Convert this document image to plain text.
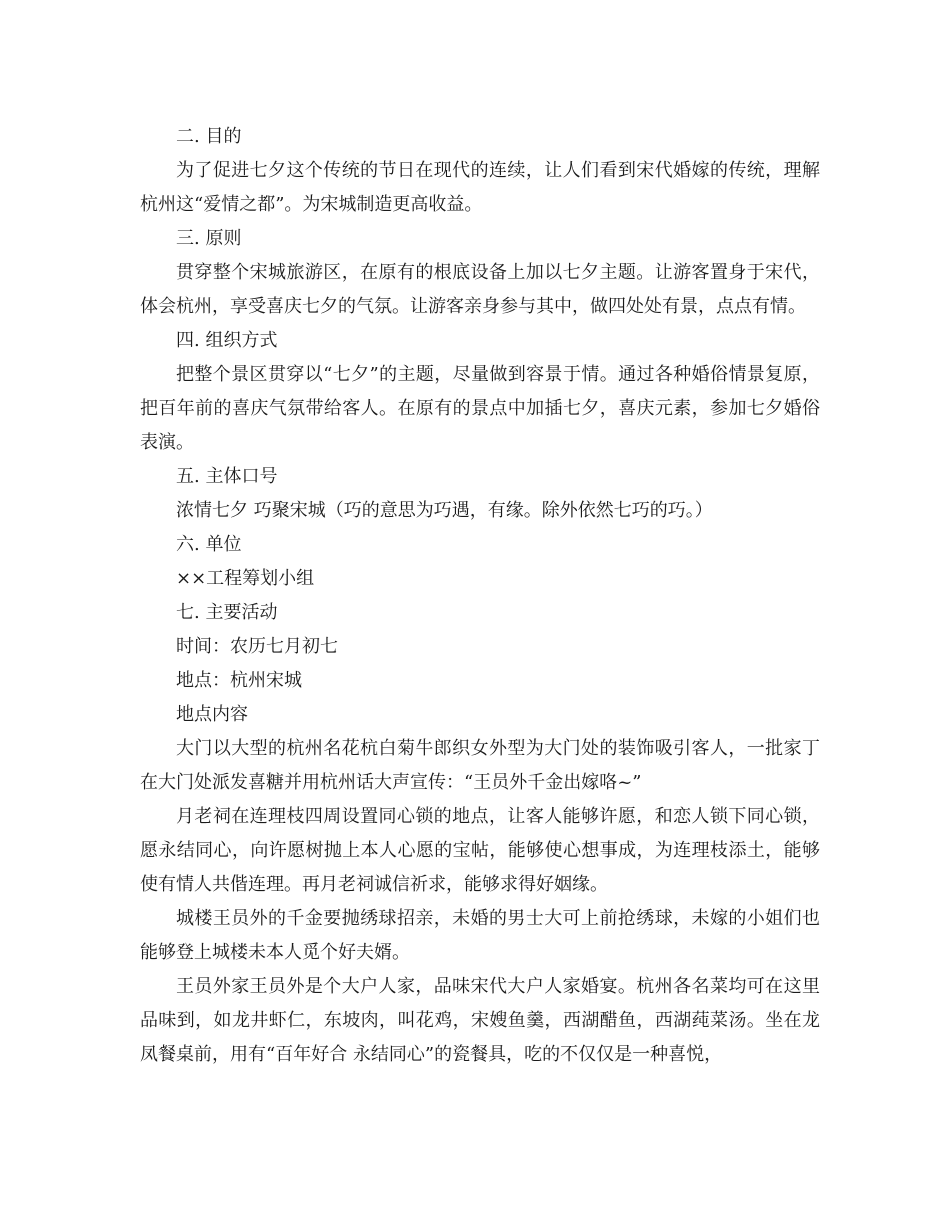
二. 目的

为了促进七夕这个传统的节日在现代的连续，让人们看到宋代婚嫁的传统，理解杭州这“爱情之都”。为宋城制造更高收益。

三. 原则

贯穿整个宋城旅游区，在原有的根底设备上加以七夕主题。让游客置身于宋代，体会杭州，享受喜庆七夕的气氛。让游客亲身参与其中，做四处处有景，点点有情。

四. 组织方式

把整个景区贯穿以“七夕”的主题，尽量做到容景于情。通过各种婚俗情景复原，把百年前的喜庆气氛带给客人。在原有的景点中加插七夕，喜庆元素，参加七夕婚俗表演。

五. 主体口号

浓情七夕 巧聚宋城（巧的意思为巧遇，有缘。除外依然七巧的巧。）

六. 单位

××工程筹划小组

七. 主要活动

时间：农历七月初七

地点：杭州宋城

地点内容

大门以大型的杭州名花杭白菊牛郎织女外型为大门处的装饰吸引客人，一批家丁在大门处派发喜糖并用杭州话大声宣传：“王员外千金出嫁咯~”

月老祠在连理枝四周设置同心锁的地点，让客人能够许愿，和恋人锁下同心锁，愿永结同心，向许愿树抛上本人心愿的宝帖，能够使心想事成，为连理枝添土，能够使有情人共偕连理。再月老祠诚信祈求，能够求得好姻缘。

城楼王员外的千金要抛绣球招亲，未婚的男士大可上前抢绣球，未嫁的小姐们也能够登上城楼未本人觅个好夫婿。

王员外家王员外是个大户人家，品味宋代大户人家婚宴。杭州各名菜均可在这里品味到，如龙井虾仁，东坡肉，叫花鸡，宋嫂鱼羹，西湖醋鱼，西湖莼菜汤。坐在龙凤餐桌前，用有“百年好合 永结同心”的瓷餐具，吃的不仅仅是一种喜悦，
